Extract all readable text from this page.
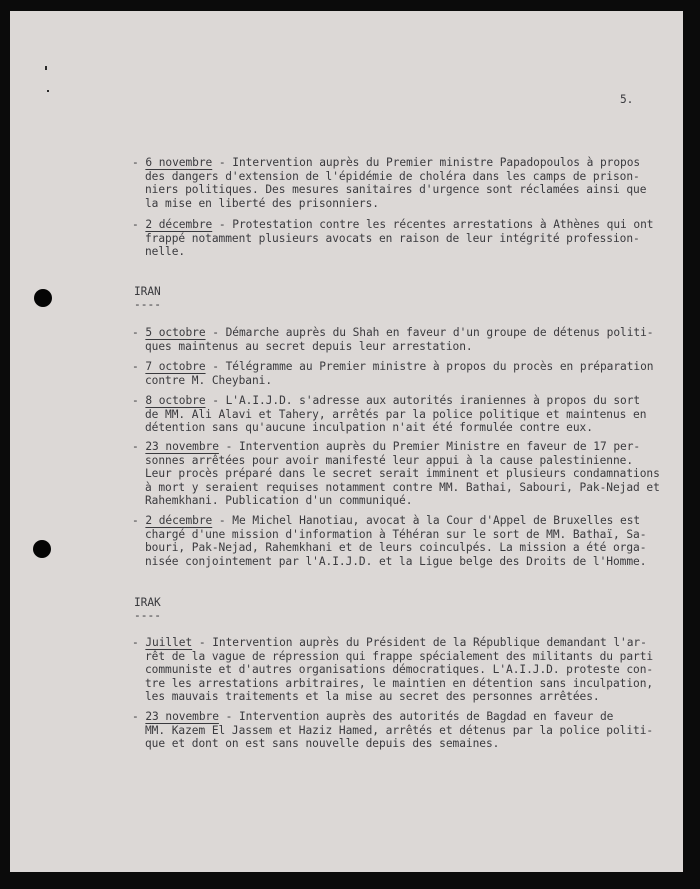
5.
- 6 novembre - Intervention auprès du Premier ministre Papadopoulos à propos
des dangers d'extension de l'épidémie de choléra dans les camps de prison-
niers politiques. Des mesures sanitaires d'urgence sont réclamées ainsi que
la mise en liberté des prisonniers.
- 2 décembre - Protestation contre les récentes arrestations à Athènes qui ont
frappé notamment plusieurs avocats en raison de leur intégrité profession-
nelle.
IRAN
----
- 5 octobre - Démarche auprès du Shah en faveur d'un groupe de détenus politi-
ques maintenus au secret depuis leur arrestation.
- 7 octobre - Télégramme au Premier ministre à propos du procès en préparation
contre M. Cheybani.
- 8 octobre - L'A.I.J.D. s'adresse aux autorités iraniennes à propos du sort
de MM. Ali Alavi et Tahery, arrêtés par la police politique et maintenus en
détention sans qu'aucune inculpation n'ait été formulée contre eux.
- 23 novembre - Intervention auprès du Premier Ministre en faveur de 17 per-
sonnes arrêtées pour avoir manifesté leur appui à la cause palestinienne.
Leur procès préparé dans le secret serait imminent et plusieurs condamnations
à mort y seraient requises notamment contre MM. Bathai, Sabouri, Pak-Nejad et
Rahemkhani. Publication d'un communiqué.
- 2 décembre - Me Michel Hanotiau, avocat à la Cour d'Appel de Bruxelles est
chargé d'une mission d'information à Téhéran sur le sort de MM. Bathaï, Sa-
bouri, Pak-Nejad, Rahemkhani et de leurs coinculpés. La mission a été orga-
nisée conjointement par l'A.I.J.D. et la Ligue belge des Droits de l'Homme.
IRAK
----
- Juillet - Intervention auprès du Président de la République demandant l'ar-
rêt de la vague de répression qui frappe spécialement des militants du parti
communiste et d'autres organisations démocratiques. L'A.I.J.D. proteste con-
tre les arrestations arbitraires, le maintien en détention sans inculpation,
les mauvais traitements et la mise au secret des personnes arrêtées.
- 23 novembre - Intervention auprès des autorités de Bagdad en faveur de
MM. Kazem El Jassem et Haziz Hamed, arrêtés et détenus par la police politi-
que et dont on est sans nouvelle depuis des semaines.
